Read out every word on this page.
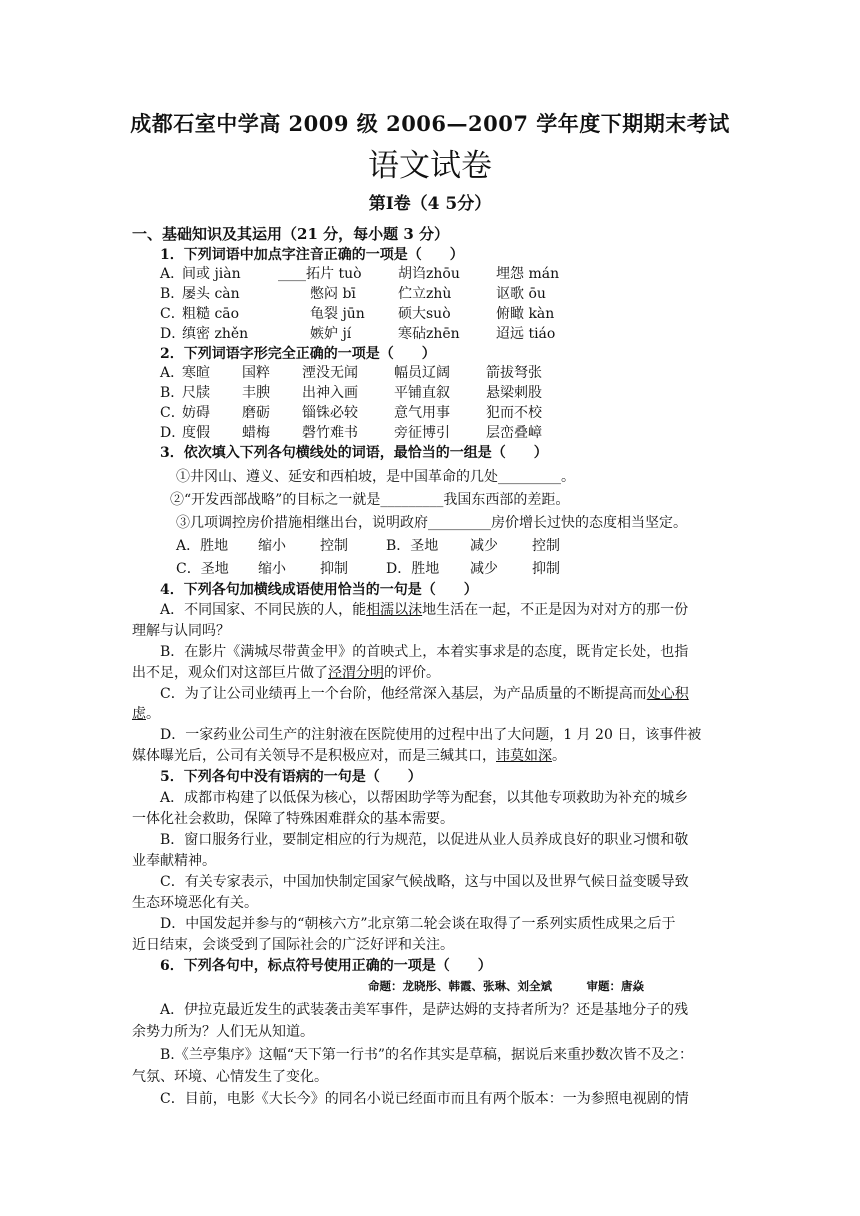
成都石室中学高 2009 级 2006—2007 学年度下期期末考试
语文试卷
第Ⅰ卷（4 5分）
一、基础知识及其运用（21 分，每小题 3 分）
1．下列词语中加点字注音正确的一项是（　　）
A．间或 jiàn	____拓片 tuò	胡诌zhōu	埋怨 mán
B．屡头 càn	憋闷 bī	伫立zhù	讴歌 ōu
C．粗糙 cāo	龟裂 jūn 硕大suò	俯瞰 kàn
D．缜密 zhěn	嫉妒 jí	寒砧zhēn	迢远 tiáo
2．下列词语字形完全正确的一项是（　　）
A．寒暄 国粹 湮没无闻	幅员辽阔	箭拔弩张
B．尺牍 丰腴 出神入画	平铺直叙	悬梁刺股
C．妨碍 磨砺 锱铢必较	意气用事	犯而不校
D．度假 蜡梅 磬竹难书	旁征博引	层峦叠嶂
3．依次填入下列各句横线处的词语，最恰当的一组是（　　）
①井冈山、遵义、延安和西柏坡，是中国革命的几处_________。
②“开发西部战略”的目标之一就是_________我国东西部的差距。
③几项调控房价措施相继出台，说明政府_________房价增长过快的态度相当坚定。
A．胜地 缩小 控制	B．圣地 减少 控制
C．圣地 缩小 抑制	D．胜地 减少 抑制
4．下列各句加横线成语使用恰当的一句是（　　）
A．不同国家、不同民族的人，能相濡以沫地生活在一起，不正是因为对对方的那一份
理解与认同吗？
B．在影片《满城尽带黄金甲》的首映式上，本着实事求是的态度，既肯定长处，也指
出不足，观众们对这部巨片做了泾渭分明的评价。
C．为了让公司业绩再上一个台阶，他经常深入基层，为产品质量的不断提高而处心积
虑。
D．一家药业公司生产的注射液在医院使用的过程中出了大问题，1 月 20 日，该事件被
媒体曝光后，公司有关领导不是积极应对，而是三缄其口，讳莫如深。
5．下列各句中没有语病的一句是（　　）
A．成都市构建了以低保为核心，以帮困助学等为配套，以其他专项救助为补充的城乡
一体化社会救助，保障了特殊困难群众的基本需要。
B．窗口服务行业，要制定相应的行为规范，以促进从业人员养成良好的职业习惯和敬
业奉献精神。
C．有关专家表示，中国加快制定国家气候战略，这与中国以及世界气候日益变暖导致
生态环境恶化有关。
D．中国发起并参与的“朝核六方”北京第二轮会谈在取得了一系列实质性成果之后于
近日结束，会谈受到了国际社会的广泛好评和关注。
6．下列各句中，标点符号使用正确的一项是（　　）
命题：龙晓彤、韩霞、张琳、刘全斌　　　审题：唐焱
A．伊拉克最近发生的武装袭击美军事件，是萨达姆的支持者所为？还是基地分子的残
余势力所为？人们无从知道。
B.《兰亭集序》这幅“天下第一行书”的名作其实是草稿，据说后来重抄数次皆不及之：
气氛、环境、心情发生了变化。
C．目前，电影《大长今》的同名小说已经面市而且有两个版本：一为参照电视剧的情
